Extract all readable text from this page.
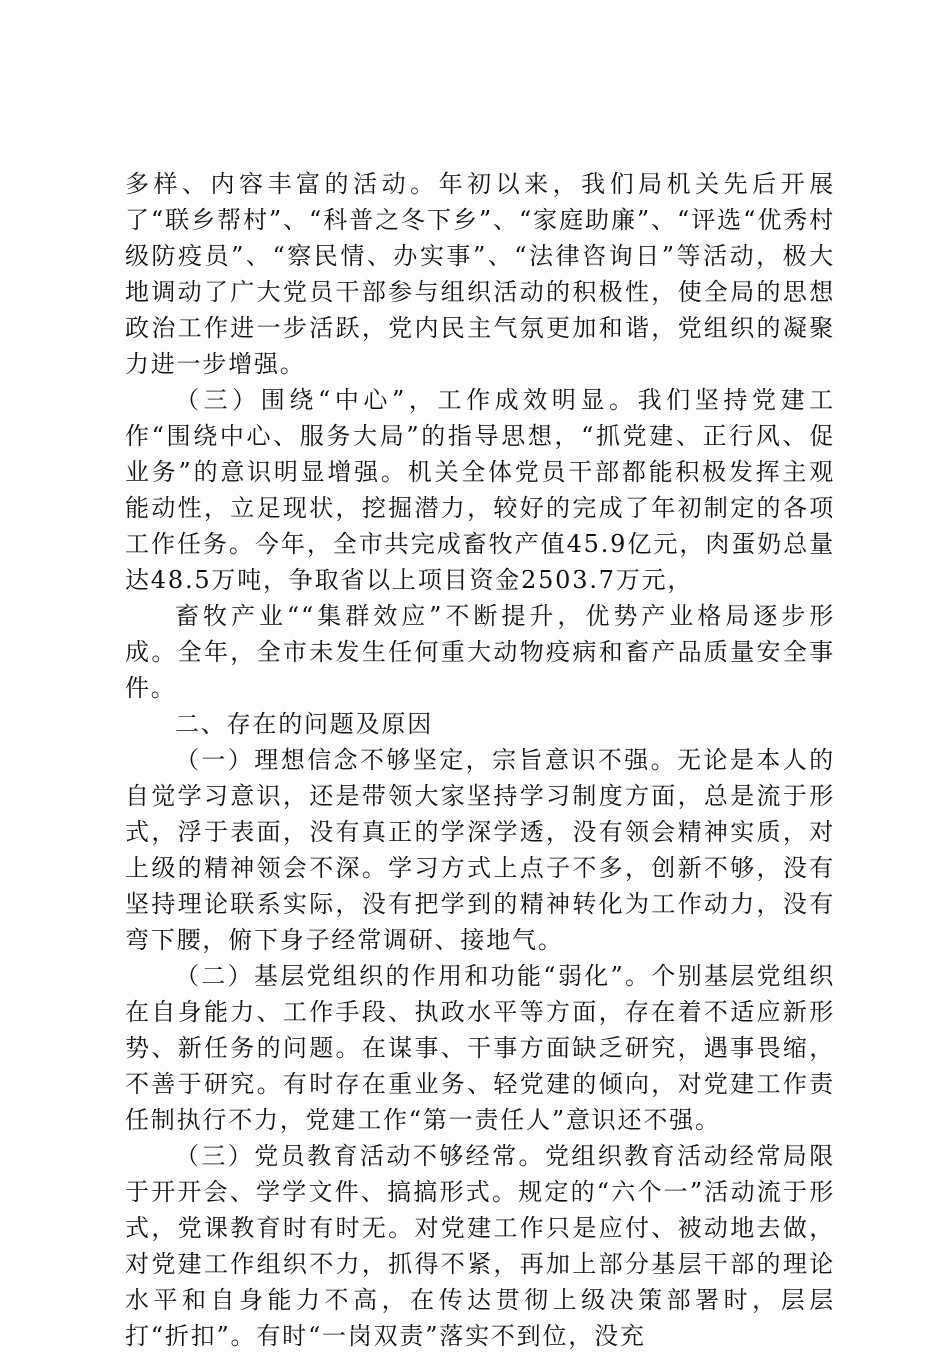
多样、内容丰富的活动。年初以来，我们局机关先后开展了“联乡帮村”、“科普之冬下乡”、“家庭助廉”、“评选“优秀村级防疫员”、“察民情、办实事”、“法律咨询日”等活动，极大地调动了广大党员干部参与组织活动的积极性，使全局的思想政治工作进一步活跃，党内民主气氛更加和谐，党组织的凝聚力进一步增强。

（三）围绕“中心”，工作成效明显。我们坚持党建工作“围绕中心、服务大局”的指导思想，“抓党建、正行风、促业务”的意识明显增强。机关全体党员干部都能积极发挥主观能动性，立足现状，挖掘潜力，较好的完成了年初制定的各项工作任务。今年，全市共完成畜牧产值45.9亿元，肉蛋奶总量达48.5万吨，争取省以上项目资金2503.7万元，

畜牧产业““集群效应”不断提升，优势产业格局逐步形成。全年，全市未发生任何重大动物疫病和畜产品质量安全事件。

二、存在的问题及原因

（一）理想信念不够坚定，宗旨意识不强。无论是本人的自觉学习意识，还是带领大家坚持学习制度方面，总是流于形式，浮于表面，没有真正的学深学透，没有领会精神实质，对上级的精神领会不深。学习方式上点子不多，创新不够，没有坚持理论联系实际，没有把学到的精神转化为工作动力，没有弯下腰，俯下身子经常调研、接地气。

（二）基层党组织的作用和功能“弱化”。个别基层党组织在自身能力、工作手段、执政水平等方面，存在着不适应新形势、新任务的问题。在谋事、干事方面缺乏研究，遇事畏缩，不善于研究。有时存在重业务、轻党建的倾向，对党建工作责任制执行不力，党建工作“第一责任人”意识还不强。

（三）党员教育活动不够经常。党组织教育活动经常局限于开开会、学学文件、搞搞形式。规定的“六个一”活动流于形式，党课教育时有时无。对党建工作只是应付、被动地去做，对党建工作组织不力，抓得不紧，再加上部分基层干部的理论水平和自身能力不高，在传达贯彻上级决策部署时，层层打“折扣”。有时“一岗双责”落实不到位，没充
